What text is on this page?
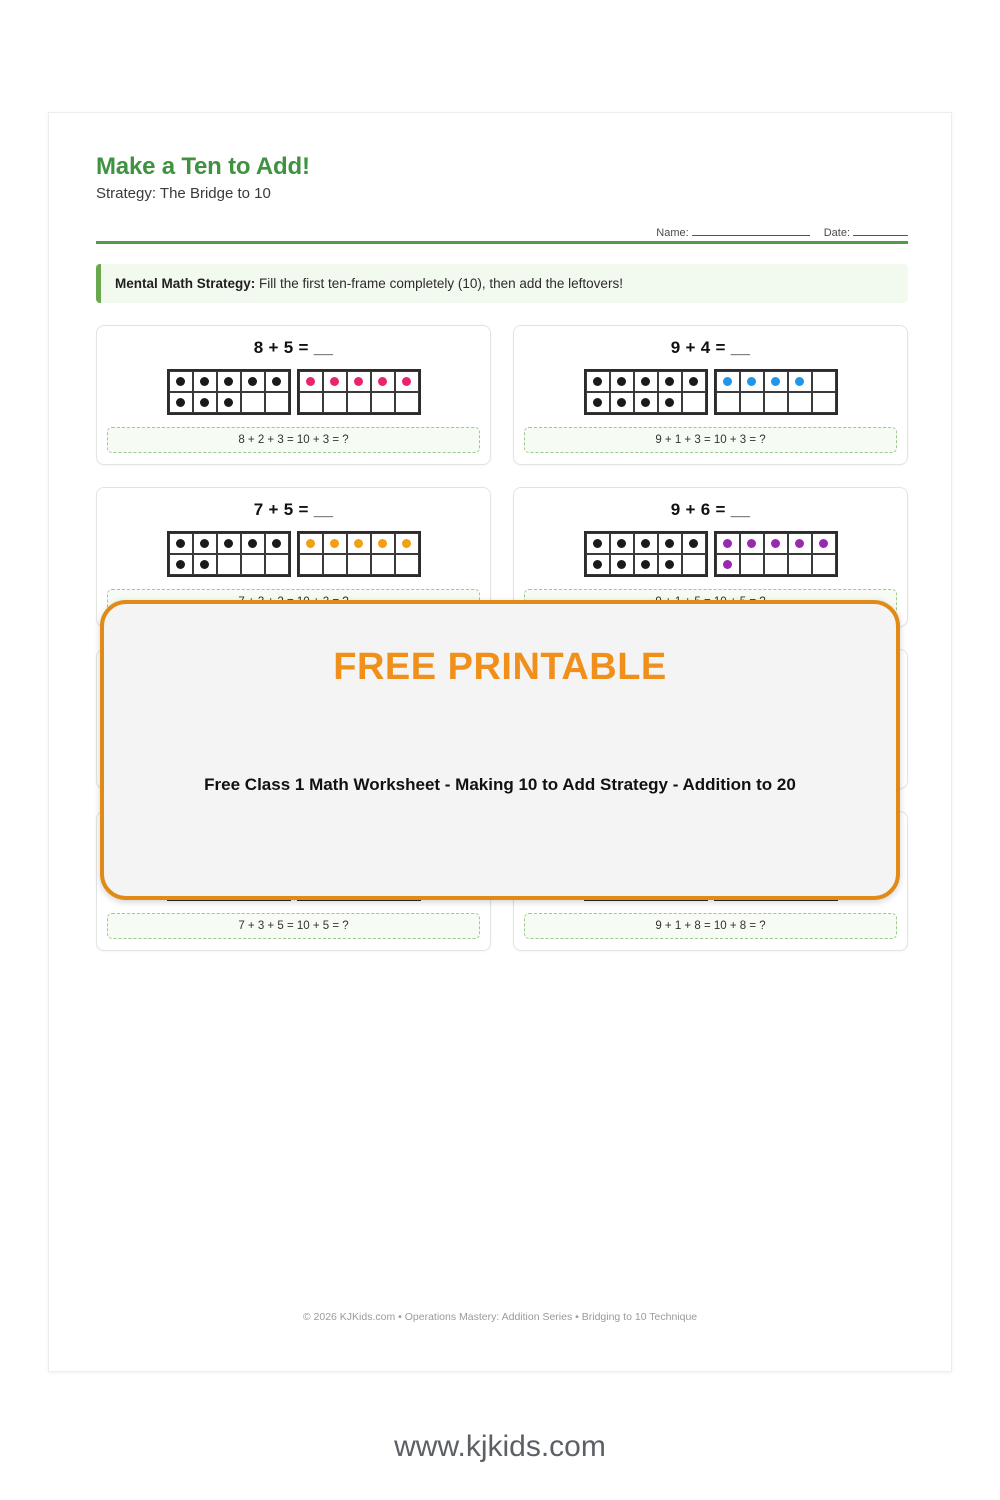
Make a Ten to Add!

Strategy: The Bridge to 10

Name:	Date:
Mental Math Strategy: Fill the first ten-frame completely (10), then add the leftovers!
8 + 5 = __
8 + 2 + 3 = 10 + 3 = ?
9 + 4 = __
9 + 1 + 3 = 10 + 3 = ?
7 + 5 = __	9 + 6 = __
7 + 3 + 5 = 10 + 5 = ?	9 + 1 + 8 = 10 + 8 = ?
© 2026 KJKids.com • Operations Mastery: Addition Series • Bridging to 10 Technique
FREE PRINTABLE
Free Class 1 Math Worksheet - Making 10 to Add Strategy - Addition to 20
www.kjkids.com
